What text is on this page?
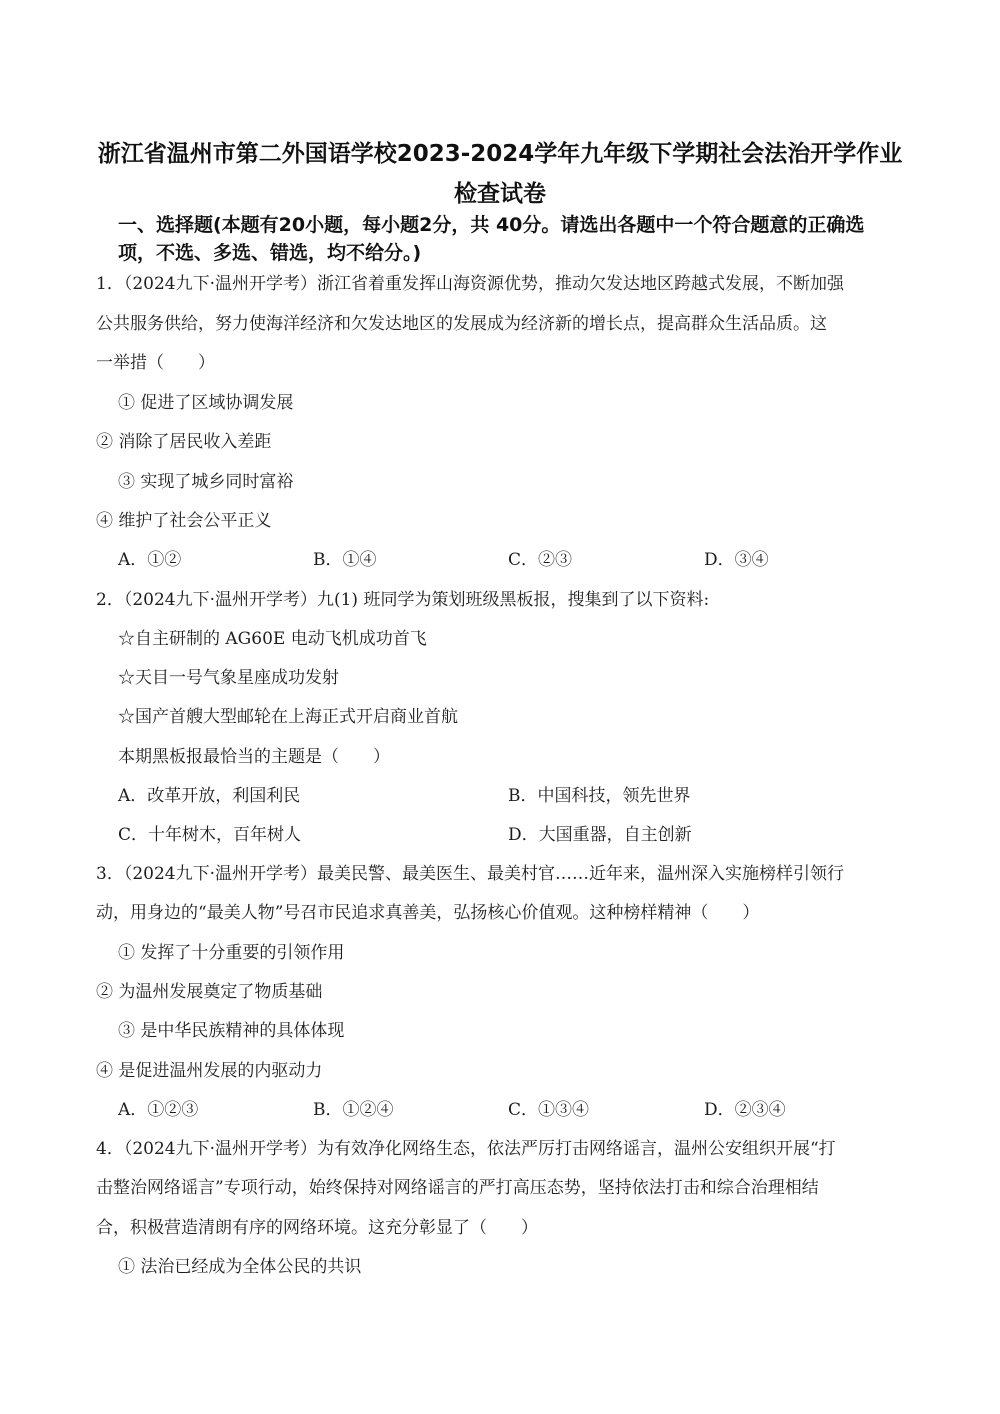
浙江省温州市第二外国语学校2023-2024学年九年级下学期社会法治开学作业
检查试卷
一、选择题(本题有20小题，每小题2分，共 40分。请选出各题中一个符合题意的正确选
项，不选、多选、错选，均不给分。)
1．（2024九下·温州开学考）浙江省着重发挥山海资源优势，推动欠发达地区跨越式发展，不断加强
公共服务供给，努力使海洋经济和欠发达地区的发展成为经济新的增长点，提高群众生活品质。这
一举措（　　）
① 促进了区域协调发展
② 消除了居民收入差距
③ 实现了城乡同时富裕
④ 维护了社会公平正义
A．①②	B．①④	C．②③	D．③④
2．（2024九下·温州开学考）九(1) 班同学为策划班级黑板报，搜集到了以下资料:
☆自主研制的 AG60E 电动飞机成功首飞
☆天目一号气象星座成功发射
☆国产首艘大型邮轮在上海正式开启商业首航
本期黑板报最恰当的主题是（　　）
A．改革开放，利国利民	B．中国科技，领先世界
C．十年树木，百年树人	D．大国重器，自主创新
3．（2024九下·温州开学考）最美民警、最美医生、最美村官……近年来，温州深入实施榜样引领行
动，用身边的“最美人物”号召市民追求真善美，弘扬核心价值观。这种榜样精神（　　）
① 发挥了十分重要的引领作用
② 为温州发展奠定了物质基础
③ 是中华民族精神的具体体现
④ 是促进温州发展的内驱动力
A．①②③	B．①②④	C．①③④	D．②③④
4．（2024九下·温州开学考）为有效净化网络生态，依法严厉打击网络谣言，温州公安组织开展“打
击整治网络谣言”专项行动，始终保持对网络谣言的严打高压态势，坚持依法打击和综合治理相结
合，积极营造清朗有序的网络环境。这充分彰显了（　　）
① 法治已经成为全体公民的共识
